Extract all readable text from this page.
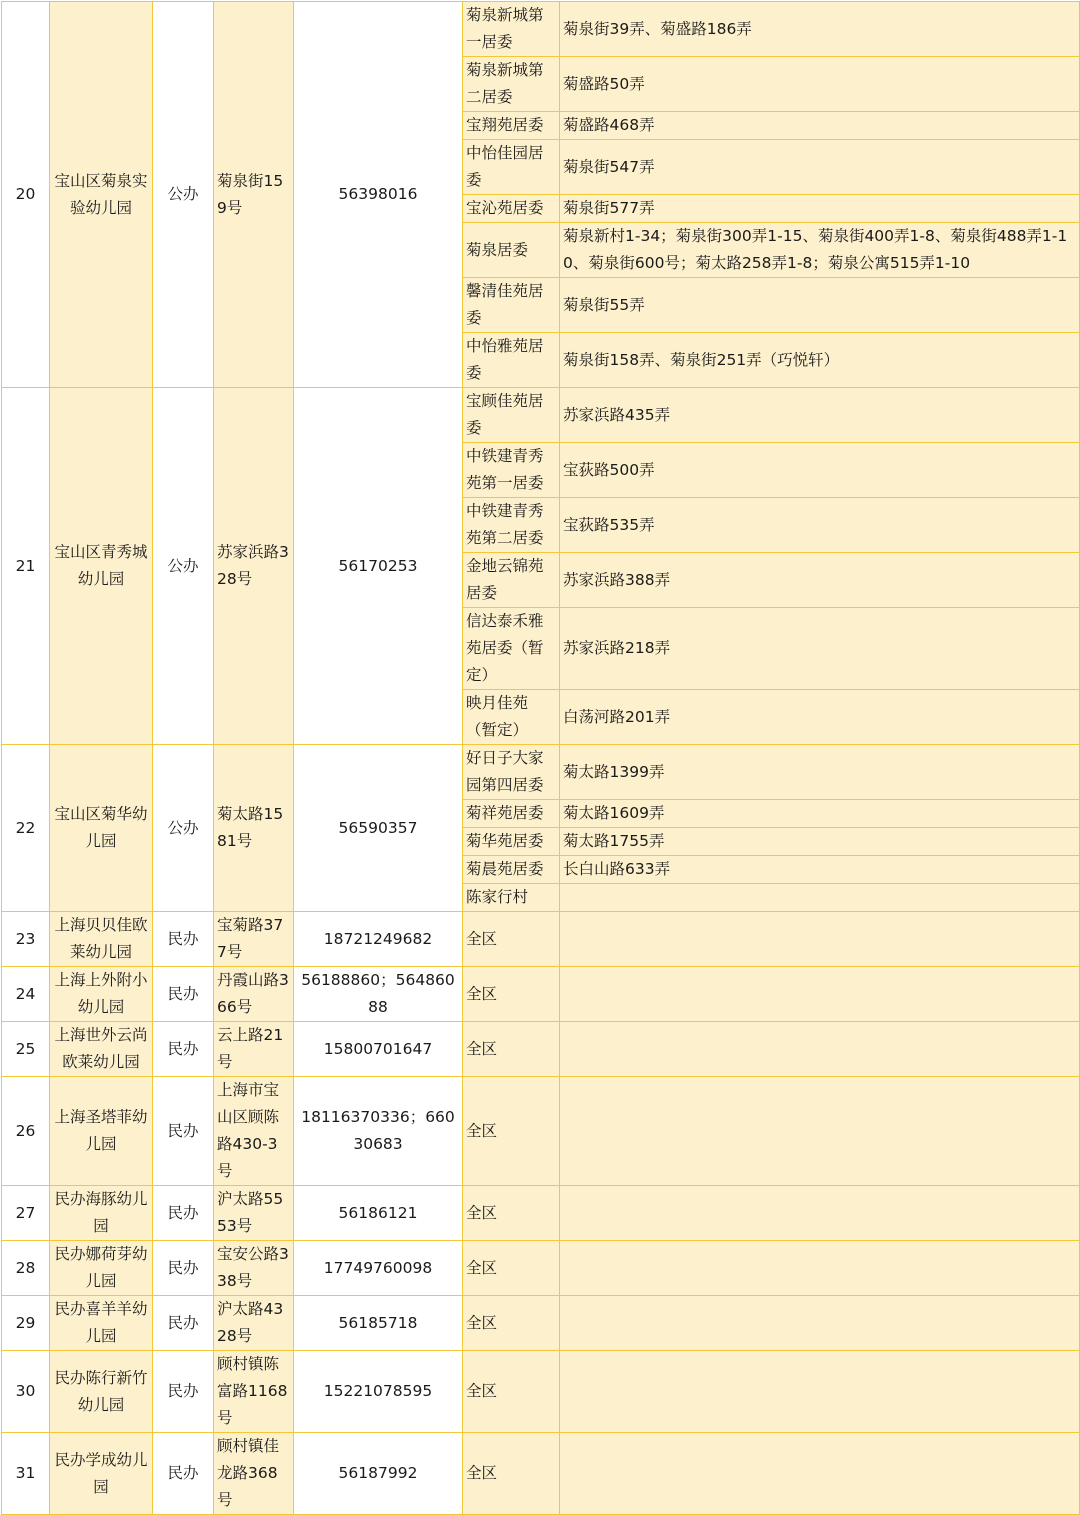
20	宝山区菊泉实验幼儿园	公办	菊泉街159号	56398016	菊泉新城第一居委	菊泉街39弄、菊盛路186弄
					菊泉新城第二居委	菊盛路50弄
					宝翔苑居委	菊盛路468弄
					中怡佳园居委	菊泉街547弄
					宝沁苑居委	菊泉街577弄
					菊泉居委	菊泉新村1-34；菊泉街300弄1-15、菊泉街400弄1-8、菊泉街488弄1-10、菊泉街600号；菊太路258弄1-8；菊泉公寓515弄1-10
					馨清佳苑居委	菊泉街55弄
					中怡雅苑居委	菊泉街158弄、菊泉街251弄（巧悦轩）
21	宝山区青秀城幼儿园	公办	苏家浜路328号	56170253	宝顾佳苑居委	苏家浜路435弄
					中铁建青秀苑第一居委	宝荻路500弄
					中铁建青秀苑第二居委	宝荻路535弄
					金地云锦苑居委	苏家浜路388弄
					信达泰禾雅苑居委（暂定）	苏家浜路218弄
					映月佳苑（暂定）	白荡河路201弄
22	宝山区菊华幼儿园	公办	菊太路1581号	56590357	好日子大家园第四居委	菊太路1399弄
					菊祥苑居委	菊太路1609弄
					菊华苑居委	菊太路1755弄
					菊晨苑居委	长白山路633弄
					陈家行村	
23	上海贝贝佳欧莱幼儿园	民办	宝菊路377号	18721249682	全区	
24	上海上外附小幼儿园	民办	丹霞山路366号	56188860；56486088	全区	
25	上海世外云尚欧莱幼儿园	民办	云上路21号	15800701647	全区	
26	上海圣塔菲幼儿园	民办	上海市宝山区顾陈路430-3号	18116370336；66030683	全区	
27	民办海豚幼儿园	民办	沪太路5553号	56186121	全区	
28	民办娜荷芽幼儿园	民办	宝安公路338号	17749760098	全区	
29	民办喜羊羊幼儿园	民办	沪太路4328号	56185718	全区	
30	民办陈行新竹幼儿园	民办	顾村镇陈富路1168号	15221078595	全区	
31	民办学成幼儿园	民办	顾村镇佳龙路368号	56187992	全区	
